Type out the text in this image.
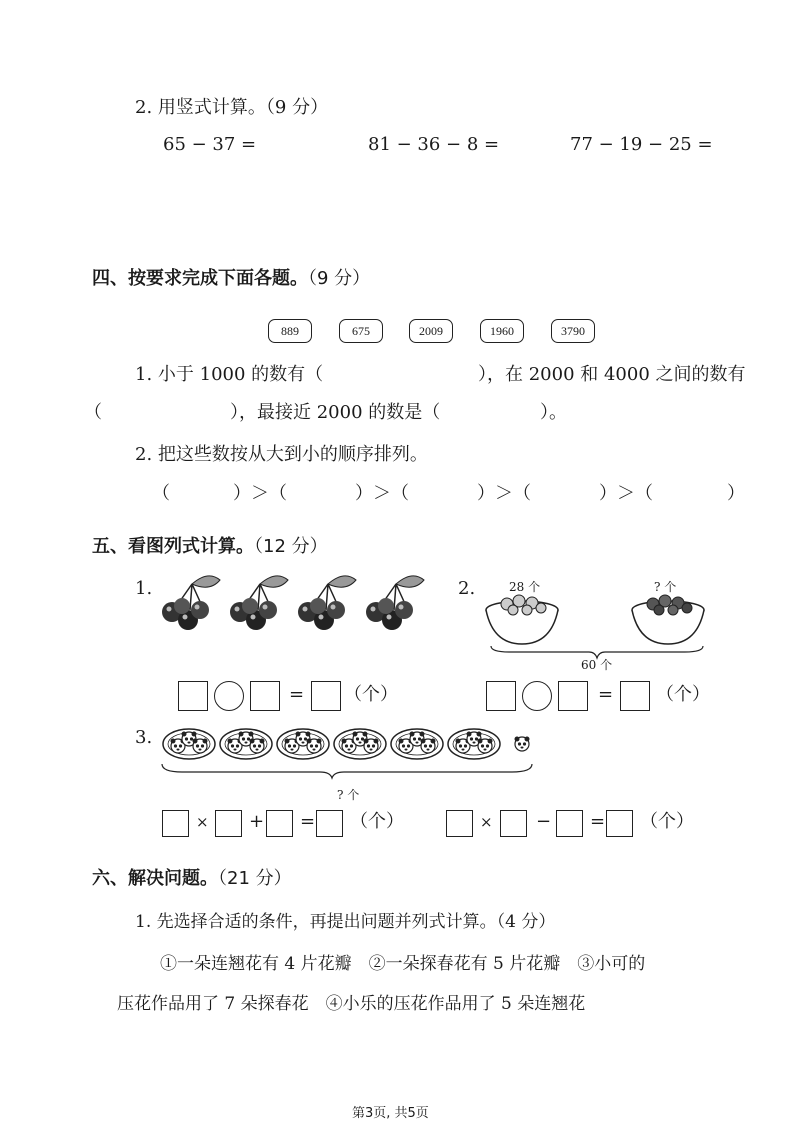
2. 用竖式计算。（9 分）
65 − 37 =	81 − 36 − 8 =	77 − 19 − 25 =
四、按要求完成下面各题。（9 分）
889	675	2009	1960	3790
1. 小于 1000 的数有（	），在 2000 和 4000 之间的数有
（	），最接近 2000 的数是（	）。
2. 把这些数按从大到小的顺序排列。
（	）＞（	）＞（	）＞（	）＞（	）
五、看图列式计算。（12 分）
1.	2.	28 个	? 个
60 个
= （个）	= （个）
3.
? 个
× + = （个）	× − = （个）
六、解决问题。（21 分）
1. 先选择合适的条件，再提出问题并列式计算。（4 分）
①一朵连翘花有 4 片花瓣　②一朵探春花有 5 片花瓣　③小可的
压花作品用了 7 朵探春花　④小乐的压花作品用了 5 朵连翘花
第3页, 共5页
